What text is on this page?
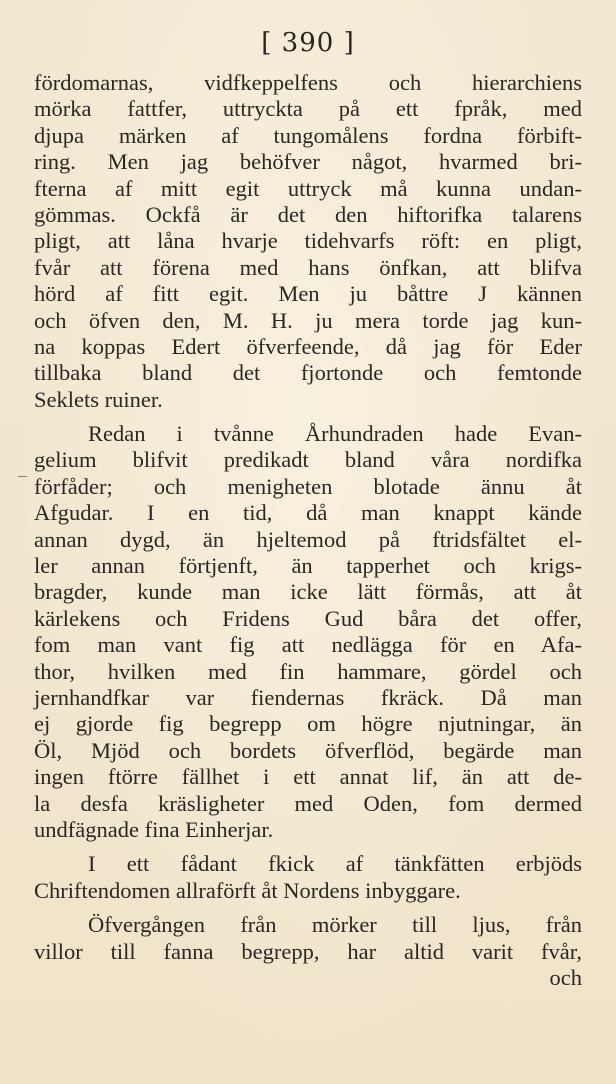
[ 390 ]
fördomarnas, vidfkeppelfens och hierarchiens
mörka fattfer, uttryckta på ett fpråk, med
djupa märken af tungomålens fordna förbift-
ring. Men jag behöfver något, hvarmed bri-
fterna af mitt egit uttryck må kunna undan-
gömmas. Ockfå är det den hiftorifka talarens
pligt, att låna hvarje tidehvarfs röft: en pligt,
fvår att förena med hans önfkan, att blifva
hörd af fitt egit. Men ju båttre J kännen
och öfven den, M. H. ju mera torde jag kun-
na koppas Edert öfverfeende, då jag för Eder
tillbaka bland det fjortonde och femtonde
Seklets ruiner.
Redan i tvånne Århundraden hade Evan-
gelium blifvit predikadt bland våra nordifka
förfåder; och menigheten blotade ännu åt
Afgudar. I en tid, då man knappt kände
annan dygd, än hjeltemod på ftridsfältet el-
ler annan förtjenft, än tapperhet och krigs-
bragder, kunde man icke lätt förmås, att åt
kärlekens och Fridens Gud båra det offer,
fom man vant fig att nedlägga för en Afa-
thor, hvilken med fin hammare, gördel och
jernhandfkar var fiendernas fkräck. Då man
ej gjorde fig begrepp om högre njutningar, än
Öl, Mjöd och bordets öfverflöd, begärde man
ingen ftörre fällhet i ett annat lif, än att de-
la desfa kräsligheter med Oden, fom dermed
undfägnade fina Einherjar.
I ett fådant fkick af tänkfätten erbjöds
Chriftendomen allraförft åt Nordens inbyggare.
Öfvergången från mörker till ljus, från
villor till fanna begrepp, har altid varit fvår,
och
